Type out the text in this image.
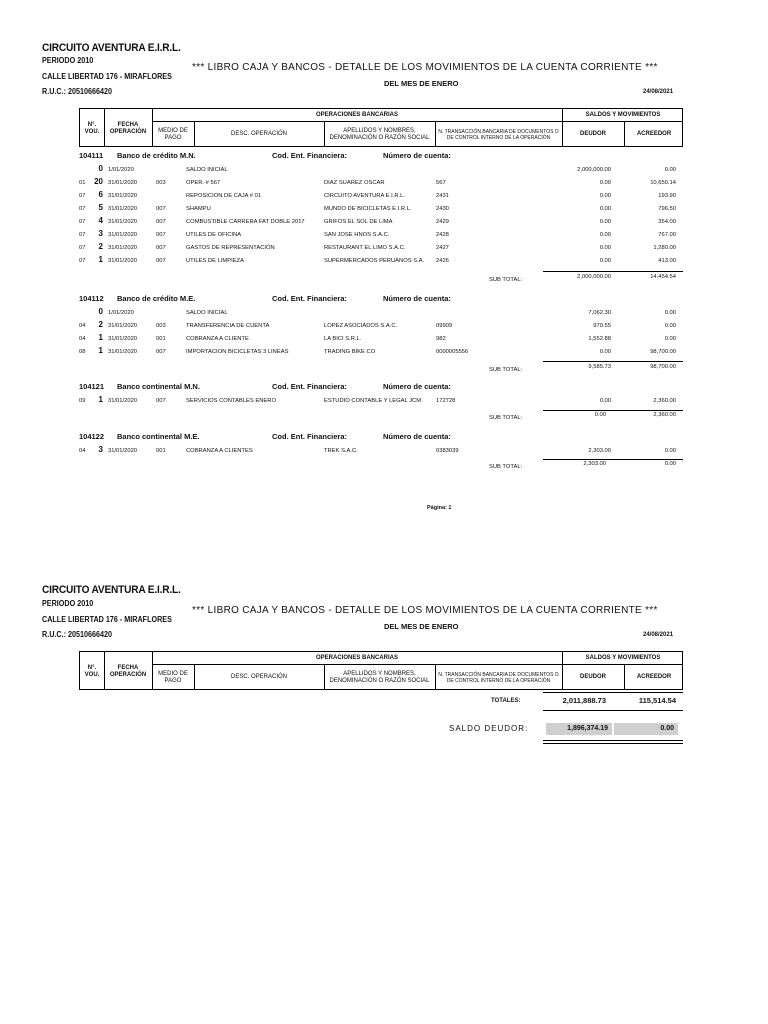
CIRCUITO AVENTURA E.I.R.L.
PERIODO 2010
*** LIBRO CAJA Y BANCOS - DETALLE DE LOS MOVIMIENTOS DE LA CUENTA CORRIENTE ***
CALLE LIBERTAD 176 - MIRAFLORES
DEL MES DE ENERO
R.U.C.: 20510666420	24/08/2021
N°. VOU.
FECHA OPERACIÓN
OPERACIONES BANCARIAS	SALDOS Y MOVIMIENTOS
MEDIO DE PAGO
DESC. OPERACIÓN
APELLIDOS Y NOMBRES, DENOMINACIÓN O RAZÓN SOCIAL
N. TRANSACCIÓN BANCARIA DE DOCUMENTOS O DE CONTROL INTERNO DE LA OPERACIÓN
DEUDOR	ACREEDOR
104111 Banco de crédito M.N.	Cod. Ent. Financiera:	Número de cuenta:
0 1/01/2020	SALDO INICIAL	2,000,000.00	0.00
01	20 31/01/2020	003	OPER. # 567	DIAZ SUAREZ OSCAR	567	0.00	10,650.14
07	6 31/01/2020	REPOSICION DE CAJA # 01	CIRCUITO AVENTURA E.I.R.L.	2431	0.00	193.90
07	5 31/01/2020	007	SHAMPU	MUNDO DE BICICLETAS E.I.R.L.	2430	0.00	796.50
07	4 31/01/2020	007	COMBUSTIBLE CARRERA FAT DOBLE 2017	GRIFOS EL SOL DE LIMA	2429	0.00	354.00
07	3 31/01/2020	007	UTILES DE OFICINA	SAN JOSE HNOS S.A.C.	2428	0.00	767.00
07	2 31/01/2020	007	GASTOS DE REPRESENTACIÓN	RESTAURANT EL LIMO S.A.C.	2427	0.00	1,280.00
07	1 31/01/2020	007	UTILES DE LIMPIEZA	SUPERMERCADOS PERUANOS S.A. 2426	0.00	413.00
SUB TOTAL:	2,000,000.00	14,454.54
104112 Banco de crédito M.E.	Cod. Ent. Financiera:	Número de cuenta:
0 1/01/2020	SALDO INICIAL	7,062.30	0.00
04	2 31/01/2020	003	TRANSFERENCIA DE CUENTA	LOPEZ ASOCIADOS S.A.C.	09909	970.55	0.00
04	1 31/01/2020	001	COBRANZA A CLIENTE	LA BICI S.R.L.	982	1,552.88	0.00
08	1 31/01/2020	007	IMPORTACION BICICLETAS 3 LINEAS	TRADING BIKE CO	0000005556	0.00	98,700.00
SUB TOTAL:	9,585.73	98,700.00
104121 Banco continental M.N.	Cod. Ent. Financiera:	Número de cuenta:
09	1 31/01/2020	007	SERVICIOS CONTABLES ENERO	ESTUDIO CONTABLE Y LEGAL JCM	172728	0.00	2,360.00
SUB TOTAL:	0.00	2,360.00
104122 Banco continental M.E.	Cod. Ent. Financiera:	Número de cuenta:
04	3 31/01/2020	001	COBRANZA A CLIENTES	TREK S.A.C.	0383039	2,303.00	0.00
SUB TOTAL:	2,303.00	0.00
Página: 1
CIRCUITO AVENTURA E.I.R.L.
PERIODO 2010
*** LIBRO CAJA Y BANCOS - DETALLE DE LOS MOVIMIENTOS DE LA CUENTA CORRIENTE ***
CALLE LIBERTAD 176 - MIRAFLORES
DEL MES DE ENERO
R.U.C.: 20510666420	24/08/2021
N°. VOU.
FECHA OPERACIÓN
OPERACIONES BANCARIAS	SALDOS Y MOVIMIENTOS
MEDIO DE PAGO
DESC. OPERACIÓN
APELLIDOS Y NOMBRES, DENOMINACIÓN O RAZÓN SOCIAL
N. TRANSACCIÓN BANCARIA DE DOCUMENTOS O DE CONTROL INTERNO DE LA OPERACIÓN
DEUDOR	ACREEDOR
TOTALES:	2,011,888.73	115,514.54
SALDO DEUDOR:	1,896,374.19	0.00
